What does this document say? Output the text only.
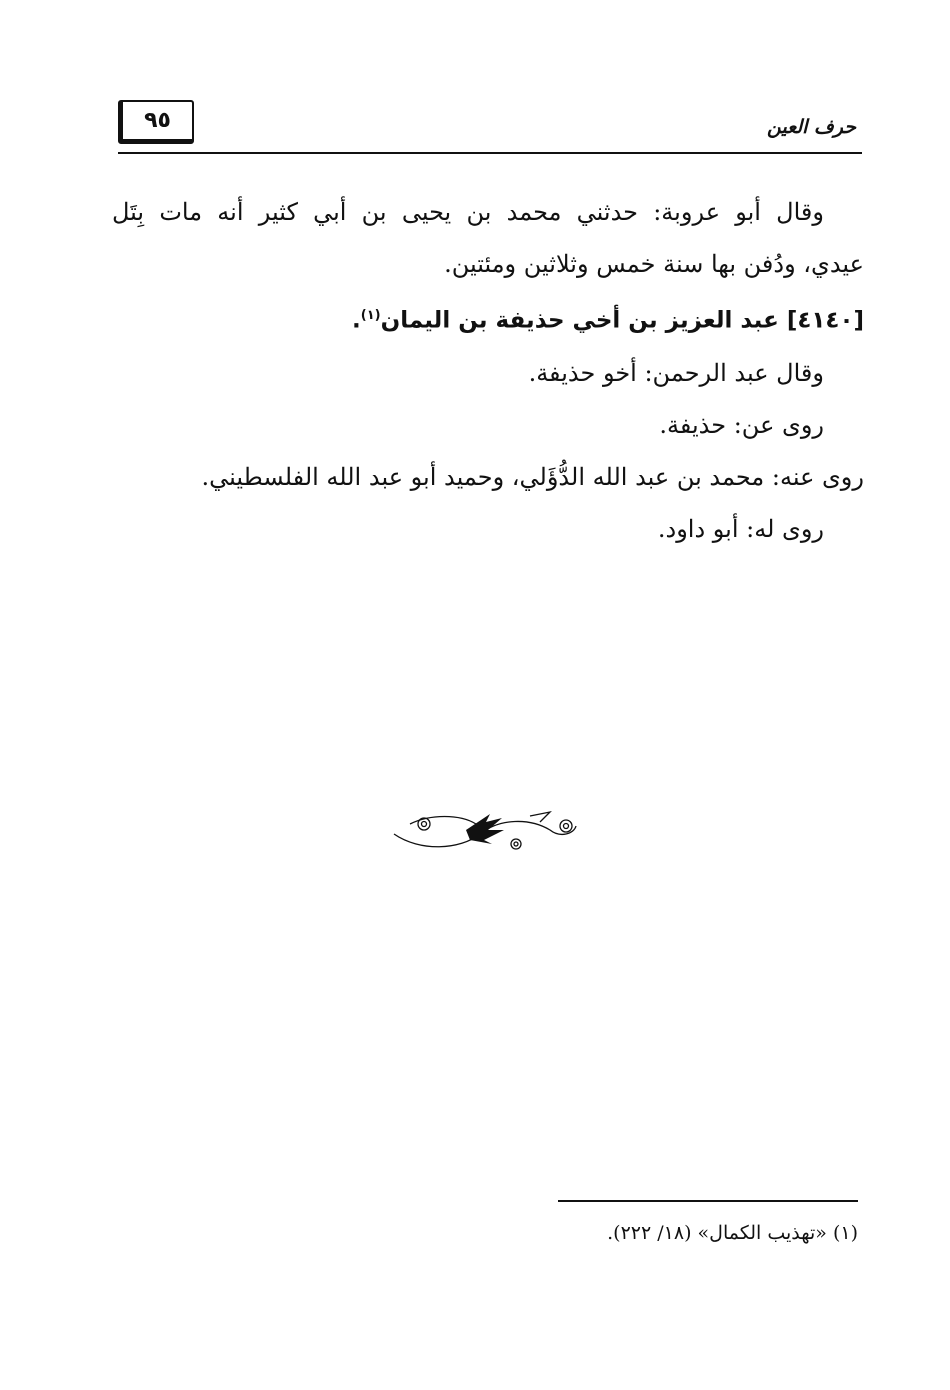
٩٥	حرف العين
وقال أبو عروبة: حدثني محمد بن يحيى بن أبي كثير أنه مات بِتَل
عيدي، ودُفن بها سنة خمس وثلاثين ومئتين.
[٤١٤٠] عبد العزيز بن أخي حذيفة بن اليمان$^{(١)}$.
وقال عبد الرحمن: أخو حذيفة.
روى عن: حذيفة.
روى عنه: محمد بن عبد الله الدُّؤَلي، وحميد أبو عبد الله الفلسطيني.
روى له: أبو داود.
(١) «تهذيب الكمال» (١٨/ ٢٢٢).
